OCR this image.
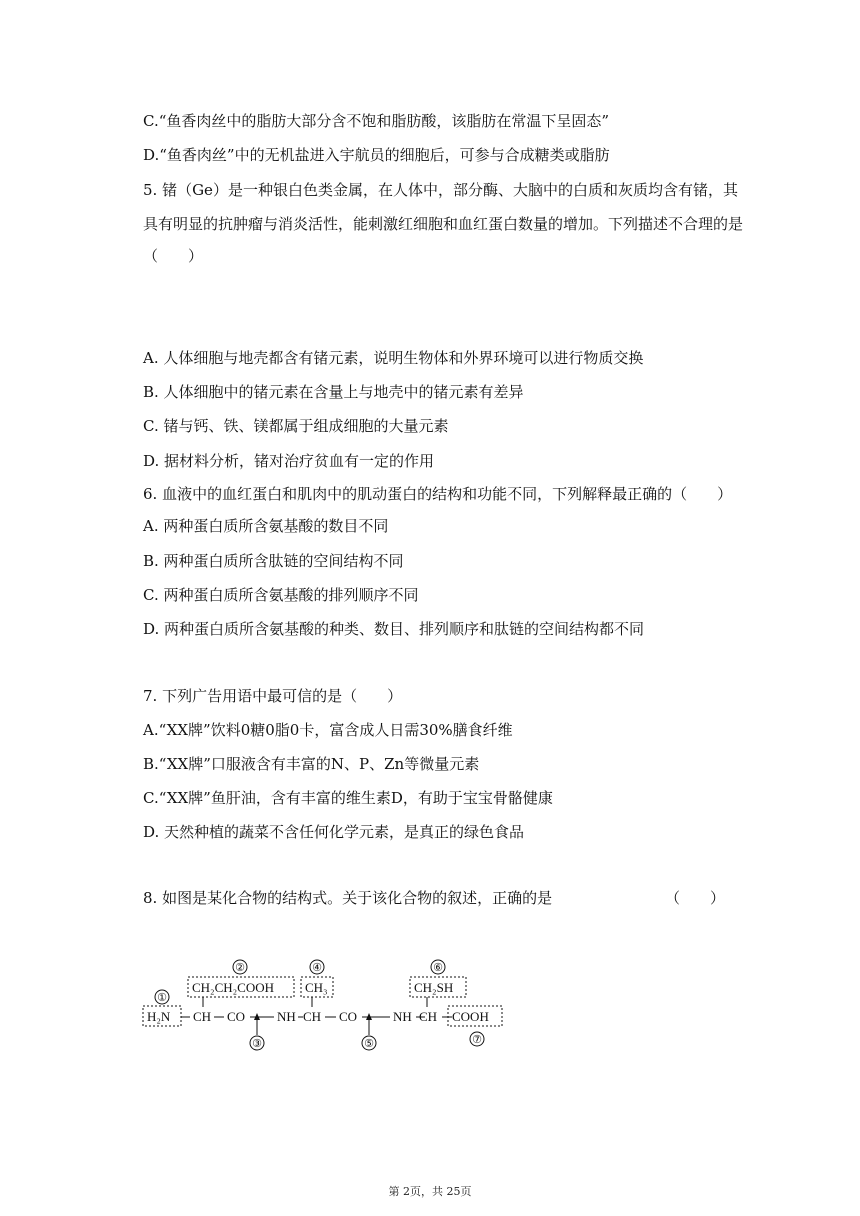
C.“鱼香肉丝中的脂肪大部分含不饱和脂肪酸，该脂肪在常温下呈固态”
D.“鱼香肉丝”中的无机盐进入宇航员的细胞后，可参与合成糖类或脂肪
5. 锗（Ge）是一种银白色类金属，在人体中，部分酶、大脑中的白质和灰质均含有锗，其
具有明显的抗肿瘤与消炎活性，能刺激红细胞和血红蛋白数量的增加。下列描述不合理的是
（　　）
A. 人体细胞与地壳都含有锗元素，说明生物体和外界环境可以进行物质交换
B. 人体细胞中的锗元素在含量上与地壳中的锗元素有差异
C. 锗与钙、铁、镁都属于组成细胞的大量元素
D. 据材料分析，锗对治疗贫血有一定的作用
6. 血液中的血红蛋白和肌肉中的肌动蛋白的结构和功能不同，下列解释最正确的（　　）
A. 两种蛋白质所含氨基酸的数目不同
B. 两种蛋白质所含肽链的空间结构不同
C. 两种蛋白质所含氨基酸的排列顺序不同
D. 两种蛋白质所含氨基酸的种类、数目、排列顺序和肽链的空间结构都不同
7. 下列广告用语中最可信的是（　　）
A.“XX牌”饮料0糖0脂0卡，富含成人日需30%膳食纤维
B.“XX牌”口服液含有丰富的N、P、Zn等微量元素
C.“XX牌”鱼肝油，含有丰富的维生素D，有助于宝宝骨骼健康
D. 天然种植的蔬菜不含任何化学元素，是真正的绿色食品
8. 如图是某化合物的结构式。关于该化合物的叙述，正确的是	（　　）
①
②	④	⑥
CH₂CH₂COOH CH₃	CH₂SH
H₂N CH CO NH CH CO	NH CH COOH
③	⑤	⑦
第 2页，共 25页
